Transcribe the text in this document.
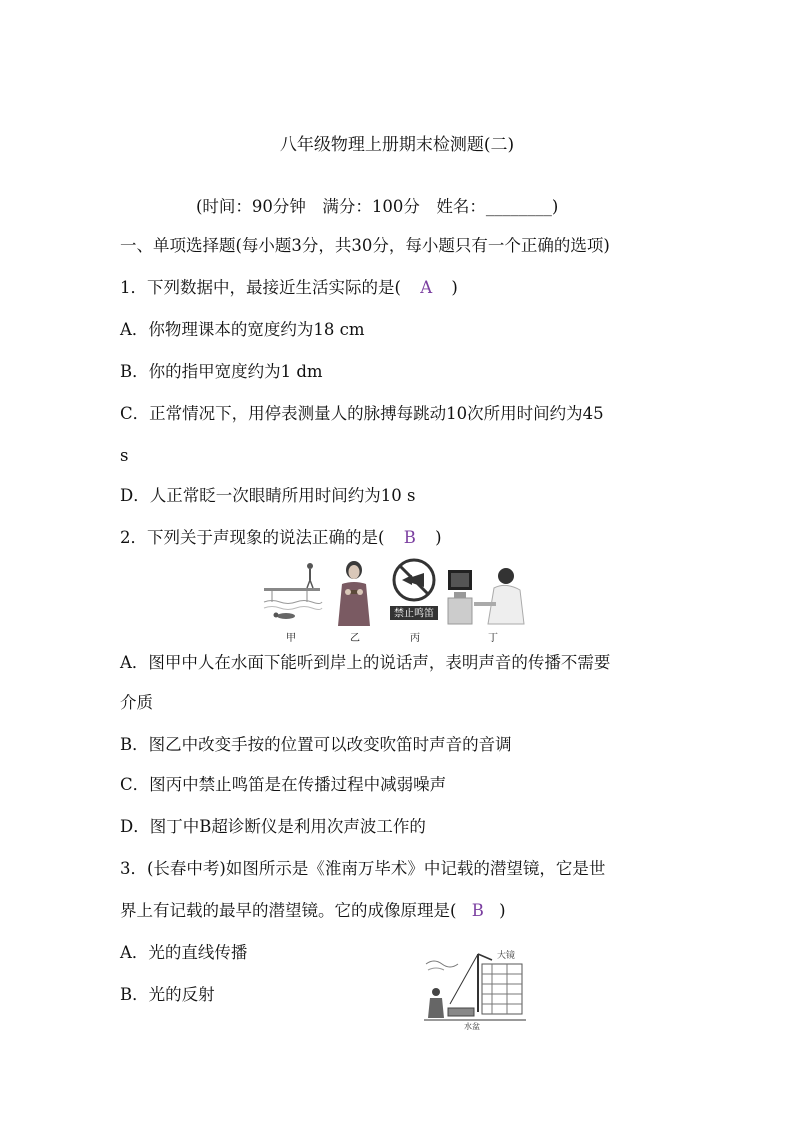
八年级物理上册期末检测题(二)
(时间：90分钟　满分：100分　姓名：________)
一、单项选择题(每小题3分，共30分，每小题只有一个正确的选项)
1．下列数据中，最接近生活实际的是( A )
A．你物理课本的宽度约为18 cm
B．你的指甲宽度约为1 dm
C．正常情况下，用停表测量人的脉搏每跳动10次所用时间约为45
s
D．人正常眨一次眼睛所用时间约为10 s
2．下列关于声现象的说法正确的是( B )
禁止鸣笛
甲	乙	丙	丁
A．图甲中人在水面下能听到岸上的说话声，表明声音的传播不需要
介质
B．图乙中改变手按的位置可以改变吹笛时声音的音调
C．图丙中禁止鸣笛是在传播过程中减弱噪声
D．图丁中B超诊断仪是利用次声波工作的
3．(长春中考)如图所示是《淮南万毕术》中记载的潜望镜，它是世
界上有记载的最早的潜望镜。它的成像原理是( B )
A．光的直线传播
B．光的反射
大镜
水盆
